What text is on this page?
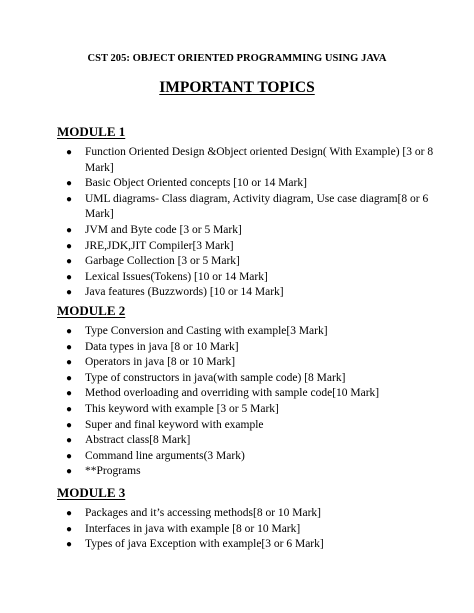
CST 205: OBJECT ORIENTED PROGRAMMING USING JAVA
IMPORTANT TOPICS
MODULE 1
● Function Oriented Design &Object oriented Design( With Example) [3 or 8 Mark]
● Basic Object Oriented concepts [10 or 14 Mark]
● UML diagrams- Class diagram, Activity diagram, Use case diagram[8 or 6 Mark]
● JVM and Byte code [3 or 5 Mark]
● JRE,JDK,JIT Compiler[3 Mark]
● Garbage Collection [3 or 5 Mark]
● Lexical Issues(Tokens) [10 or 14 Mark]
● Java features (Buzzwords) [10 or 14 Mark]
MODULE 2
● Type Conversion and Casting with example[3 Mark]
● Data types in java [8 or 10 Mark]
● Operators in java [8 or 10 Mark]
● Type of constructors in java(with sample code) [8 Mark]
● Method overloading and overriding with sample code[10 Mark]
● This keyword with example [3 or 5 Mark]
● Super and final keyword with example
● Abstract class[8 Mark]
● Command line arguments(3 Mark)
● **Programs
MODULE 3
● Packages and it’s accessing methods[8 or 10 Mark]
● Interfaces in java with example [8 or 10 Mark]
● Types of java Exception with example[3 or 6 Mark]
